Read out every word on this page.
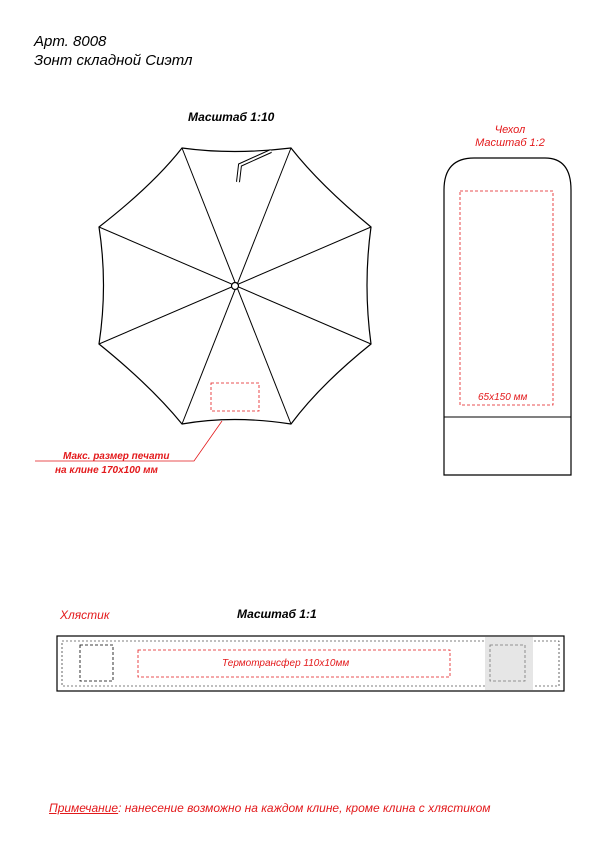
Арт. 8008
Зонт складной Сиэтл
Масштаб 1:10
Макс. размер печати
на клине 170х100 мм
Чехол
Масштаб 1:2
65х150 мм
Хлястик	Масштаб 1:1
Термотрансфер 110х10мм
Примечание: нанесение возможно на каждом клине, кроме клина с хлястиком
